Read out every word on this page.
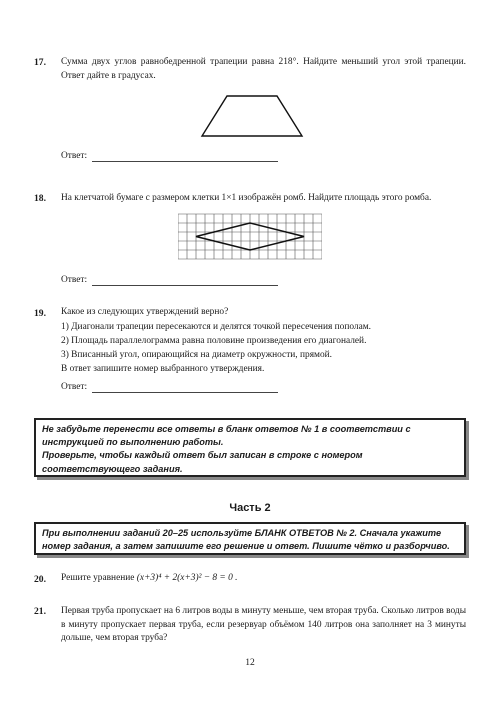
17. Сумма двух углов равнобедренной трапеции равна 218°. Найдите меньший угол этой трапеции. Ответ дайте в градусах.
Ответ:
18. На клетчатой бумаге с размером клетки 1×1 изображён ромб. Найдите площадь этого ромба.
Ответ:
19. Какое из следующих утверждений верно?
1) Диагонали трапеции пересекаются и делятся точкой пересечения пополам.
2) Площадь параллелограмма равна половине произведения его диагоналей.
3) Вписанный угол, опирающийся на диаметр окружности, прямой.
В ответ запишите номер выбранного утверждения.
Ответ:

Не забудьте перенести все ответы в бланк ответов № 1 в соответствии с инструкцией по выполнению работы.

Проверьте, чтобы каждый ответ был записан в строке с номером соответствующего задания.

Часть 2

При выполнении заданий 20–25 используйте БЛАНК ОТВЕТОВ № 2. Сначала укажите номер задания, а затем запишите его решение и ответ. Пишите чётко и разборчиво.

20. Решите уравнение (x+3)⁴ + 2(x+3)² − 8 = 0 .
21. Первая труба пропускает на 6 литров воды в минуту меньше, чем вторая труба. Сколько литров воды в минуту пропускает первая труба, если резервуар объёмом 140 литров она заполняет на 3 минуты дольше, чем вторая труба?
12
